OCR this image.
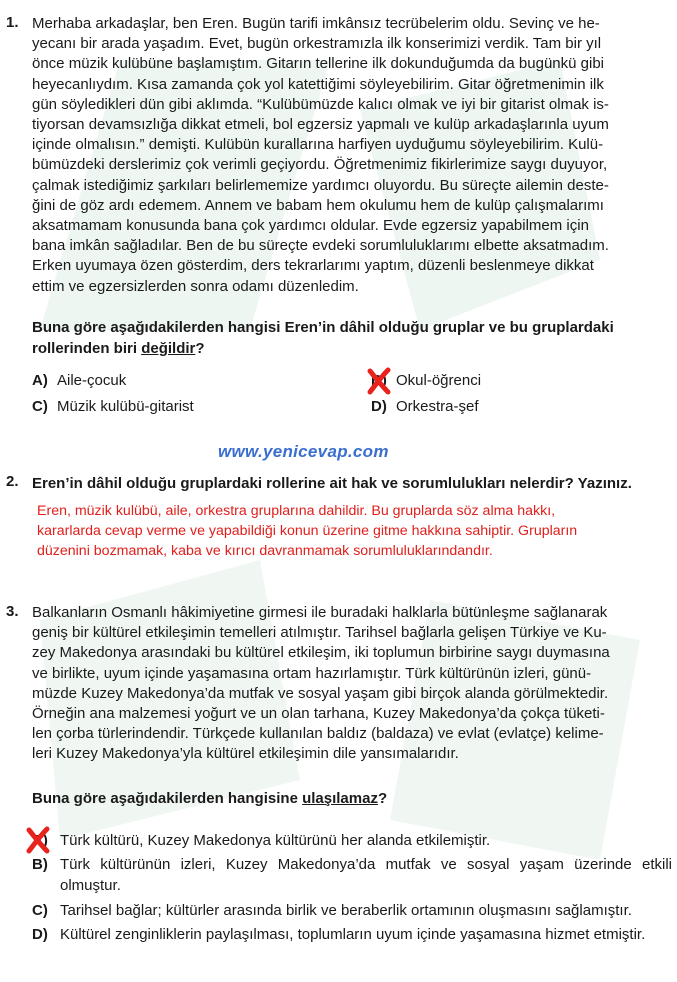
1. Merhaba arkadaşlar, ben Eren. Bugün tarifi imkânsız tecrübelerim oldu. Sevinç ve he-
yecanı bir arada yaşadım. Evet, bugün orkestramızla ilk konserimizi verdik. Tam bir yıl
önce müzik kulübüne başlamıştım. Gitarın tellerine ilk dokunduğumda da bugünkü gibi
heyecanlıydım. Kısa zamanda çok yol katettiğimi söyleyebilirim. Gitar öğretmenimin ilk
gün söyledikleri dün gibi aklımda. “Kulübümüzde kalıcı olmak ve iyi bir gitarist olmak is-
tiyorsan devamsızlığa dikkat etmeli, bol egzersiz yapmalı ve kulüp arkadaşlarınla uyum
içinde olmalısın.” demişti. Kulübün kurallarına harfiyen uyduğumu söyleyebilirim. Kulü-
bümüzdeki derslerimiz çok verimli geçiyordu. Öğretmenimiz fikirlerimize saygı duyuyor,
çalmak istediğimiz şarkıları belirlememize yardımcı oluyordu. Bu süreçte ailemin deste-
ğini de göz ardı edemem. Annem ve babam hem okulumu hem de kulüp çalışmalarımı
aksatmamam konusunda bana çok yardımcı oldular. Evde egzersiz yapabilmem için
bana imkân sağladılar. Ben de bu süreçte evdeki sorumluluklarımı elbette aksatmadım.
Erken uyumaya özen gösterdim, ders tekrarlarımı yaptım, düzenli beslenmeye dikkat
ettim ve egzersizlerden sonra odamı düzenledim.
Buna göre aşağıdakilerden hangisi Eren’in dâhil olduğu gruplar ve bu gruplardaki rollerinden biri değildir?
A) Aile-çocuk	B) Okul-öğrenci
C) Müzik kulübü-gitarist	D) Orkestra-şef
www.yenicevap.com
2. Eren’in dâhil olduğu gruplardaki rollerine ait hak ve sorumlulukları nelerdir? Yazınız.
Eren, müzik kulübü, aile, orkestra gruplarına dahildir. Bu gruplarda söz alma hakkı,
kararlarda cevap verme ve yapabildiği konun üzerine gitme hakkına sahiptir. Grupların
düzenini bozmamak, kaba ve kırıcı davranmamak sorumluluklarındandır.
3. Balkanların Osmanlı hâkimiyetine girmesi ile buradaki halklarla bütünleşme sağlanarak
geniş bir kültürel etkileşimin temelleri atılmıştır. Tarihsel bağlarla gelişen Türkiye ve Ku-
zey Makedonya arasındaki bu kültürel etkileşim, iki toplumun birbirine saygı duymasına
ve birlikte, uyum içinde yaşamasına ortam hazırlamıştır. Türk kültürünün izleri, günü-
müzde Kuzey Makedonya’da mutfak ve sosyal yaşam gibi birçok alanda görülmektedir.
Örneğin ana malzemesi yoğurt ve un olan tarhana, Kuzey Makedonya’da çokça tüketi-
len çorba türlerindendir. Türkçede kullanılan baldız (baldaza) ve evlat (evlatçe) kelime-
leri Kuzey Makedonya’yla kültürel etkileşimin dile yansımalarıdır.
Buna göre aşağıdakilerden hangisine ulaşılamaz?
A) Türk kültürü, Kuzey Makedonya kültürünü her alanda etkilemiştir.
B) Türk kültürünün izleri, Kuzey Makedonya’da mutfak ve sosyal yaşam üzerinde etkili olmuştur.
C) Tarihsel bağlar; kültürler arasında birlik ve beraberlik ortamının oluşmasını sağlamıştır.
D) Kültürel zenginliklerin paylaşılması, toplumların uyum içinde yaşamasına hizmet etmiştir.
